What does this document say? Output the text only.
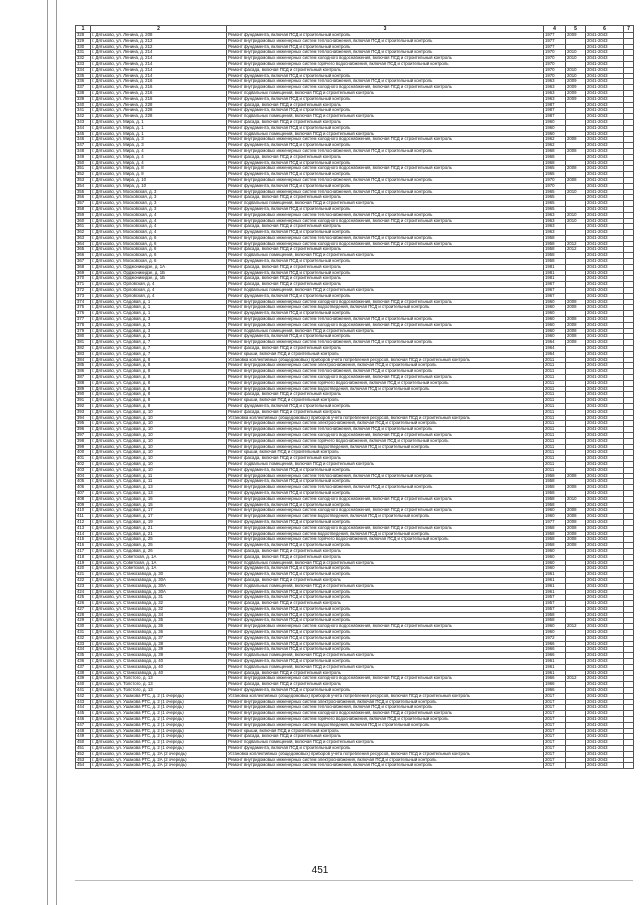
1	2	3	4	5	6	7
328	г. Дятьково, ул. Ленина, д. 208	Ремонт фундамента, включая ПСД и строительный контроль	1977	2009	2041-2043	
329	г. Дятьково, ул. Ленина, д. 212	Ремонт внутридомовых инженерных систем теплоснабжения, включая ПСД и строительный контроль	1977		2041-2043	
330	г. Дятьково, ул. Ленина, д. 212	Ремонт фундамента, включая ПСД и строительный контроль	1977		2041-2043	
331	г. Дятьково, ул. Ленина, д. 214	Ремонт внутридомовых инженерных систем теплоснабжения, включая ПСД и строительный контроль	1970	2010	2041-2043	
332	г. Дятьково, ул. Ленина, д. 214	Ремонт внутридомовых инженерных систем холодного водоснабжения, включая ПСД и строительный контроль	1970	2010	2041-2043	
333	г. Дятьково, ул. Ленина, д. 214	Ремонт внутридомовых инженерных систем горячего водоснабжения, включая ПСД и строительный контроль	1970		2041-2043	
334	г. Дятьково, ул. Ленина, д. 214	Ремонт фасада, включая ПСД и строительный контроль	1970	2010	2041-2043	
335	г. Дятьково, ул. Ленина, д. 214	Ремонт фундамента, включая ПСД и строительный контроль	1970	2010	2041-2043	
336	г. Дятьково, ул. Ленина, д. 216	Ремонт внутридомовых инженерных систем теплоснабжения, включая ПСД и строительный контроль	1963	2009	2041-2043	
337	г. Дятьково, ул. Ленина, д. 216	Ремонт внутридомовых инженерных систем холодного водоснабжения, включая ПСД и строительный контроль	1963	2009	2041-2043	
338	г. Дятьково, ул. Ленина, д. 216	Ремонт подвальных помещений, включая ПСД и строительный контроль	1963	2009	2041-2043	
339	г. Дятьково, ул. Ленина, д. 216	Ремонт фундамента, включая ПСД и строительный контроль	1963	2009	2041-2043	
340	г. Дятьково, ул. Ленина, д. 228	Ремонт фасада, включая ПСД и строительный контроль	1987		2041-2043	
341	г. Дятьково, ул. Ленина, д. 228	Ремонт фундамента, включая ПСД и строительный контроль	1987		2041-2043	
342	г. Дятьково, ул. Ленина, д. 228	Ремонт подвальных помещений, включая ПСД и строительный контроль	1987		2041-2043	
343	г. Дятьково, ул. Мира, д. 1	Ремонт фасада, включая ПСД и строительный контроль	1960		2041-2043	
344	г. Дятьково, ул. Мира, д. 1	Ремонт фундамента, включая ПСД и строительный контроль	1960		2041-2043	
345	г. Дятьково, ул. Мира, д. 1	Ремонт подвальных помещений, включая ПСД и строительный контроль	1960		2041-2043	
346	г. Дятьково, ул. Мира, д. 3	Ремонт внутридомовых инженерных систем холодного водоснабжения, включая ПСД и строительный контроль	1962	2008	2041-2043	
347	г. Дятьково, ул. Мира, д. 3	Ремонт фундамента, включая ПСД и строительный контроль	1962		2041-2043	
348	г. Дятьково, ул. Мира, д. 4	Ремонт внутридомовых инженерных систем теплоснабжения, включая ПСД и строительный контроль	1968	2008	2041-2043	
349	г. Дятьково, ул. Мира, д. 4	Ремонт фасада, включая ПСД и строительный контроль	1968		2041-2043	
350	г. Дятьково, ул. Мира, д. 4	Ремонт фундамента, включая ПСД и строительный контроль	1968		2041-2043	
351	г. Дятьково, ул. Мира, д. 8	Ремонт внутридомовых инженерных систем холодного водоснабжения, включая ПСД и строительный контроль	1965	2008	2041-2043	
352	г. Дятьково, ул. Мира, д. 8	Ремонт фундамента, включая ПСД и строительный контроль	1965		2041-2043	
353	г. Дятьково, ул. Мира, д. 10	Ремонт внутридомовых инженерных систем теплоснабжения, включая ПСД и строительный контроль	1970	2008	2041-2043	
354	г. Дятьково, ул. Мира, д. 10	Ремонт фундамента, включая ПСД и строительный контроль	1970		2041-2043	
355	г. Дятьково, ул. Московская, д. 3	Ремонт внутридомовых инженерных систем теплоснабжения, включая ПСД и строительный контроль	1965	2010	2041-2043	
356	г. Дятьково, ул. Московская, д. 3	Ремонт фасада, включая ПСД и строительный контроль	1965		2041-2043	
357	г. Дятьково, ул. Московская, д. 3	Ремонт подвальных помещений, включая ПСД и строительный контроль	1965		2041-2043	
358	г. Дятьково, ул. Московская, д. 3	Ремонт фундамента, включая ПСД и строительный контроль	1965		2041-2043	
359	г. Дятьково, ул. Московская, д. 4	Ремонт внутридомовых инженерных систем теплоснабжения, включая ПСД и строительный контроль	1963	2010	2041-2043	
360	г. Дятьково, ул. Московская, д. 4	Ремонт внутридомовых инженерных систем холодного водоснабжения, включая ПСД и строительный контроль	1963	2010	2041-2043	
361	г. Дятьково, ул. Московская, д. 4	Ремонт фасада, включая ПСД и строительный контроль	1963		2041-2043	
362	г. Дятьково, ул. Московская, д. 4	Ремонт фундамента, включая ПСД и строительный контроль	1963		2041-2043	
363	г. Дятьково, ул. Московская, д. 6	Ремонт внутридомовых инженерных систем теплоснабжения, включая ПСД и строительный контроль	1958		2041-2043	
364	г. Дятьково, ул. Московская, д. 6	Ремонт внутридомовых инженерных систем холодного водоснабжения, включая ПСД и строительный контроль	1958	2012	2041-2043	
365	г. Дятьково, ул. Московская, д. 6	Ремонт фасада, включая ПСД и строительный контроль	1958	2012	2041-2043	
366	г. Дятьково, ул. Московская, д. 6	Ремонт подвальных помещений, включая ПСД и строительный контроль	1958		2041-2043	
367	г. Дятьково, ул. Московская, д. 6	Ремонт фундамента, включая ПСД и строительный контроль	1958		2041-2043	
368	г. Дятьково, ул. Орджоникидзе, д. 1А	Ремонт фасада, включая ПСД и строительный контроль	1981		2041-2043	
369	г. Дятьково, ул. Орджоникидзе, д. 1Б	Ремонт фундамента, включая ПСД и строительный контроль	1981		2041-2043	
370	г. Дятьково, ул. Орджоникидзе, д. 1Б	Ремонт фасада, включая ПСД и строительный контроль	1981		2041-2043	
371	г. Дятьково, ул. Орловская, д. 4	Ремонт фасада, включая ПСД и строительный контроль	1967		2041-2043	
372	г. Дятьково, ул. Орловская, д. 4	Ремонт подвальных помещений, включая ПСД и строительный контроль	1967		2041-2043	
373	г. Дятьково, ул. Орловская, д. 4	Ремонт фундамента, включая ПСД и строительный контроль	1967		2041-2043	
374	г. Дятьково, ул. Садовая, д. 1	Ремонт внутридомовых инженерных систем холодного водоснабжения, включая ПСД и строительный контроль	1960	2008	2041-2043	
375	г. Дятьково, ул. Садовая, д. 1	Ремонт внутридомовых инженерных систем водоотведения, включая ПСД и строительный контроль	1960	2008	2041-2043	
376	г. Дятьково, ул. Садовая, д. 1	Ремонт фундамента, включая ПСД и строительный контроль	1960		2041-2043	
377	г. Дятьково, ул. Садовая, д. 3	Ремонт внутридомовых инженерных систем теплоснабжения, включая ПСД и строительный контроль	1960	2008	2041-2043	
378	г. Дятьково, ул. Садовая, д. 3	Ремонт внутридомовых инженерных систем холодного водоснабжения, включая ПСД и строительный контроль	1960	2008	2041-2043	
379	г. Дятьково, ул. Садовая, д. 3	Ремонт подвальных помещений, включая ПСД и строительный контроль	1960	2008	2041-2043	
380	г. Дятьково, ул. Садовая, д. 3	Ремонт фундамента, включая ПСД и строительный контроль	1960	2008	2041-2043	
381	г. Дятьково, ул. Садовая, д. 7	Ремонт внутридомовых инженерных систем теплоснабжения, включая ПСД и строительный контроль	1964	2008	2041-2043	
382	г. Дятьково, ул. Садовая, д. 7	Ремонт фасада, включая ПСД и строительный контроль	1964		2041-2043	
383	г. Дятьково, ул. Садовая, д. 7	Ремонт крыши, включая ПСД и строительный контроль	1964		2041-2043	
384	г. Дятьково, ул. Садовая, д. 8	Установка коллективных (общедомовых) приборов учета потребления ресурсов, включая ПСД и строительный контроль	2011		2041-2043	
385	г. Дятьково, ул. Садовая, д. 8	Ремонт внутридомовых инженерных систем электроснабжения, включая ПСД и строительный контроль	2011		2041-2043	
386	г. Дятьково, ул. Садовая, д. 8	Ремонт внутридомовых инженерных систем теплоснабжения, включая ПСД и строительный контроль	2011		2041-2043	
387	г. Дятьково, ул. Садовая, д. 8	Ремонт внутридомовых инженерных систем холодного водоснабжения, включая ПСД и строительный контроль	2011		2041-2043	
388	г. Дятьково, ул. Садовая, д. 8	Ремонт внутридомовых инженерных систем горячего водоснабжения, включая ПСД и строительный контроль	2011		2041-2043	
389	г. Дятьково, ул. Садовая, д. 8	Ремонт внутридомовых инженерных систем водоотведения, включая ПСД и строительный контроль	2011		2041-2043	
390	г. Дятьково, ул. Садовая, д. 8	Ремонт фасада, включая ПСД и строительный контроль	2011		2041-2043	
391	г. Дятьково, ул. Садовая, д. 8	Ремонт крыши, включая ПСД и строительный контроль	2011		2041-2043	
392	г. Дятьково, ул. Садовая, д. 8	Ремонт фундамента, включая ПСД и строительный контроль	2011		2041-2043	
393	г. Дятьково, ул. Садовая, д. 10	Ремонт фасада, включая ПСД и строительный контроль	2011		2041-2043	
394	г. Дятьково, ул. Садовая, д. 10	Установка коллективных (общедомовых) приборов учета потребления ресурсов, включая ПСД и строительный контроль	2011		2041-2043	
395	г. Дятьково, ул. Садовая, д. 10	Ремонт внутридомовых инженерных систем электроснабжения, включая ПСД и строительный контроль	2011		2041-2043	
396	г. Дятьково, ул. Садовая, д. 10	Ремонт внутридомовых инженерных систем теплоснабжения, включая ПСД и строительный контроль	2011		2041-2043	
397	г. Дятьково, ул. Садовая, д. 10	Ремонт внутридомовых инженерных систем холодного водоснабжения, включая ПСД и строительный контроль	2011		2041-2043	
398	г. Дятьково, ул. Садовая, д. 10	Ремонт внутридомовых инженерных систем горячего водоснабжения, включая ПСД и строительный контроль	2011		2041-2043	
399	г. Дятьково, ул. Садовая, д. 10	Ремонт внутридомовых инженерных систем водоотведения, включая ПСД и строительный контроль	2011		2041-2043	
400	г. Дятьково, ул. Садовая, д. 10	Ремонт крыши, включая ПСД и строительный контроль	2011		2041-2043	
401	г. Дятьково, ул. Садовая, д. 10	Ремонт фасада, включая ПСД и строительный контроль	2011		2041-2043	
402	г. Дятьково, ул. Садовая, д. 10	Ремонт подвальных помещений, включая ПСД и строительный контроль	2011		2041-2043	
403	г. Дятьково, ул. Садовая, д. 10	Ремонт фундамента, включая ПСД и строительный контроль	2011		2041-2043	
404	г. Дятьково, ул. Садовая, д. 11	Ремонт внутридомовых инженерных систем теплоснабжения, включая ПСД и строительный контроль	1958	2008	2041-2043	
405	г. Дятьково, ул. Садовая, д. 11	Ремонт фундамента, включая ПСД и строительный контроль	1958		2041-2043	
406	г. Дятьково, ул. Садовая, д. 13	Ремонт внутридомовых инженерных систем теплоснабжения, включая ПСД и строительный контроль	1958	2008	2041-2043	
407	г. Дятьково, ул. Садовая, д. 13	Ремонт фундамента, включая ПСД и строительный контроль	1958		2041-2043	
408	г. Дятьково, ул. Садовая, д. 15	Ремонт внутридомовых инженерных систем холодного водоснабжения, включая ПСД и строительный контроль	1958	2010	2041-2043	
409	г. Дятьково, ул. Садовая, д. 15	Ремонт фундамента, включая ПСД и строительный контроль	1958		2041-2043	
410	г. Дятьково, ул. Садовая, д. 17	Ремонт внутридомовых инженерных систем холодного водоснабжения, включая ПСД и строительный контроль	1960	2008	2041-2043	
411	г. Дятьково, ул. Садовая, д. 17	Ремонт внутридомовых инженерных систем водоотведения, включая ПСД и строительный контроль	1960	2008	2041-2043	
412	г. Дятьково, ул. Садовая, д. 19	Ремонт фундамента, включая ПСД и строительный контроль	1977	2008	2041-2043	
413	г. Дятьково, ул. Садовая, д. 21	Ремонт внутридомовых инженерных систем холодного водоснабжения, включая ПСД и строительный контроль	1958	2008	2041-2043	
414	г. Дятьково, ул. Садовая, д. 21	Ремонт внутридомовых инженерных систем водоотведения, включая ПСД и строительный контроль	1958	2008	2041-2043	
415	г. Дятьково, ул. Садовая, д. 25	Ремонт внутридомовых инженерных систем горячего водоснабжения, включая ПСД и строительный контроль	1958	2008	2041-2043	
416	г. Дятьково, ул. Садовая, д. 25	Ремонт фундамента, включая ПСД и строительный контроль	1958	2008	2041-2043	
417	г. Дятьково, ул. Садовая, д. 26	Ремонт фасада, включая ПСД и строительный контроль	1960		2041-2043	
418	г. Дятьково, ул. Советская, д. 1А	Ремонт фасада, включая ПСД и строительный контроль	1960		2041-2043	
419	г. Дятьково, ул. Советская, д. 1А	Ремонт подвальных помещений, включая ПСД и строительный контроль	1960		2041-2043	
420	г. Дятьково, ул. Советская, д. 1А	Ремонт фундамента, включая ПСД и строительный контроль	1960		2041-2043	
421	г. Дятьково, ул. Станкозавода, д. 30	Ремонт фундамента, включая ПСД и строительный контроль	1961		2041-2043	
422	г. Дятьково, ул. Станкозавода, д. 30А	Ремонт фасада, включая ПСД и строительный контроль	1961		2041-2043	
423	г. Дятьково, ул. Станкозавода, д. 30А	Ремонт подвальных помещений, включая ПСД и строительный контроль	1961		2041-2043	
424	г. Дятьково, ул. Станкозавода, д. 30А	Ремонт фундамента, включая ПСД и строительный контроль	1961		2041-2043	
425	г. Дятьково, ул. Станкозавода, д. 31	Ремонт фундамента, включая ПСД и строительный контроль	1957		2041-2043	
426	г. Дятьково, ул. Станкозавода, д. 32	Ремонт фасада, включая ПСД и строительный контроль	1957		2041-2043	
427	г. Дятьково, ул. Станкозавода, д. 32	Ремонт фундамента, включая ПСД и строительный контроль	1957		2041-2043	
428	г. Дятьково, ул. Станкозавода, д. 34	Ремонт фундамента, включая ПСД и строительный контроль	1958		2041-2043	
429	г. Дятьково, ул. Станкозавода, д. 35	Ремонт фундамента, включая ПСД и строительный контроль	1958		2041-2043	
430	г. Дятьково, ул. Станкозавода, д. 36	Ремонт внутридомовых инженерных систем холодного водоснабжения, включая ПСД и строительный контроль	1960	2012	2041-2043	
431	г. Дятьково, ул. Станкозавода, д. 36	Ремонт фундамента, включая ПСД и строительный контроль	1960		2041-2043	
432	г. Дятьково, ул. Станкозавода, д. 37	Ремонт фундамента, включая ПСД и строительный контроль	1972		2041-2043	
433	г. Дятьково, ул. Станкозавода, д. 38	Ремонт фундамента, включая ПСД и строительный контроль	1966		2041-2043	
434	г. Дятьково, ул. Станкозавода, д. 39	Ремонт фундамента, включая ПСД и строительный контроль	1966		2041-2043	
435	г. Дятьково, ул. Станкозавода, д. 39	Ремонт подвальных помещений, включая ПСД и строительный контроль	1966		2041-2043	
436	г. Дятьково, ул. Станкозавода, д. 40	Ремонт фундамента, включая ПСД и строительный контроль	1961		2041-2043	
437	г. Дятьково, ул. Станкозавода, д. 40	Ремонт подвальных помещений, включая ПСД и строительный контроль	1961		2041-2043	
438	г. Дятьково, ул. Станкозавода, д. 40	Ремонт фасада, включая ПСД и строительный контроль	1961		2041-2043	
439	г. Дятьково, ул. Толстого, д. 13	Ремонт внутридомовых инженерных систем холодного водоснабжения, включая ПСД и строительный контроль	1966	2012	2041-2043	
440	г. Дятьково, ул. Толстого, д. 13	Ремонт фасада, включая ПСД и строительный контроль	1966		2041-2043	
441	г. Дятьково, ул. Толстого, д. 13	Ремонт фундамента, включая ПСД и строительный контроль	1966		2041-2043	
442	г. Дятьково, ул. Ушакова РТС, д. 2 (1 очередь)	Установка коллективных (общедомовых) приборов учета потребления ресурсов, включая ПСД и строительный контроль	2017		2041-2043	
443	г. Дятьково, ул. Ушакова РТС, д. 2 (1 очередь)	Ремонт внутридомовых инженерных систем электроснабжения, включая ПСД и строительный контроль	2017		2041-2043	
444	г. Дятьково, ул. Ушакова РТС, д. 2 (1 очередь)	Ремонт внутридомовых инженерных систем теплоснабжения, включая ПСД и строительный контроль	2017		2041-2043	
445	г. Дятьково, ул. Ушакова РТС, д. 2 (1 очередь)	Ремонт внутридомовых инженерных систем холодного водоснабжения, включая ПСД и строительный контроль	2017		2041-2043	
446	г. Дятьково, ул. Ушакова РТС, д. 2 (1 очередь)	Ремонт внутридомовых инженерных систем горячего водоснабжения, включая ПСД и строительный контроль	2017		2041-2043	
447	г. Дятьково, ул. Ушакова РТС, д. 2 (1 очередь)	Ремонт внутридомовых инженерных систем водоотведения, включая ПСД и строительный контроль	2017		2041-2043	
448	г. Дятьково, ул. Ушакова РТС, д. 2 (1 очередь)	Ремонт крыши, включая ПСД и строительный контроль	2017		2041-2043	
449	г. Дятьково, ул. Ушакова РТС, д. 2 (1 очередь)	Ремонт фасада, включая ПСД и строительный контроль	2017		2041-2043	
450	г. Дятьково, ул. Ушакова РТС, д. 2 (1 очередь)	Ремонт подвальных помещений, включая ПСД и строительный контроль	2017		2041-2043	
451	г. Дятьково, ул. Ушакова РТС, д. 2 (1 очередь)	Ремонт фундамента, включая ПСД и строительный контроль	2017		2041-2043	
452	г. Дятьково, ул. Ушакова РТС, д. 2А (2 очередь)	Установка коллективных (общедомовых) приборов учета потребления ресурсов, включая ПСД и строительный контроль	2017		2041-2043	
453	г. Дятьково, ул. Ушакова РТС, д. 2А (2 очередь)	Ремонт внутридомовых инженерных систем электроснабжения, включая ПСД и строительный контроль	2017		2041-2043	
454	г. Дятьково, ул. Ушакова РТС, д. 2А (2 очередь)	Ремонт внутридомовых инженерных систем теплоснабжения, включая ПСД и строительный контроль	2017		2041-2043	
451
